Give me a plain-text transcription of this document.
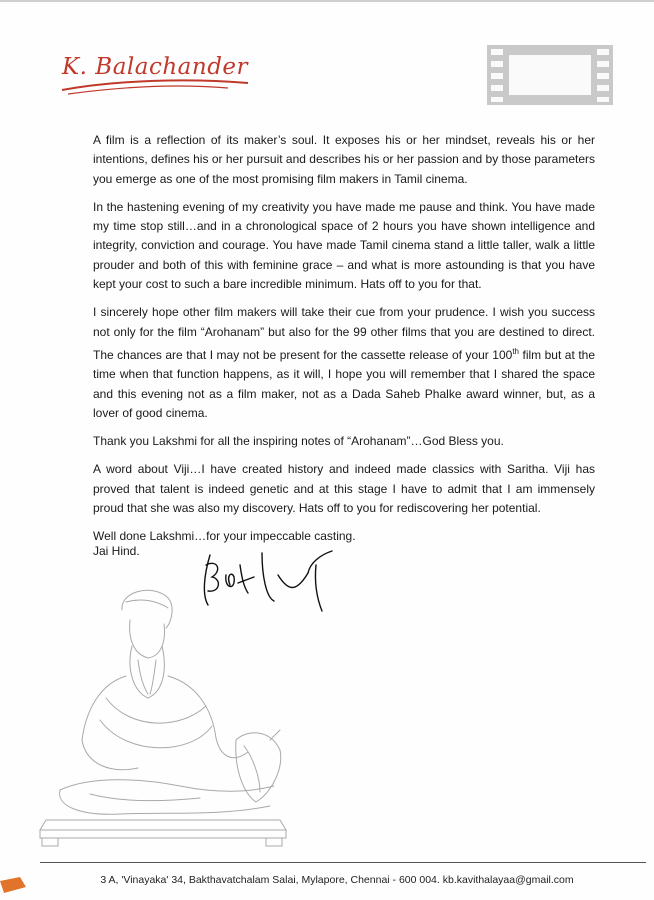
K. Balachander

A film is a reflection of its maker’s soul. It exposes his or her mindset, reveals his or her intentions, defines his or her pursuit and describes his or her passion and by those parameters you emerge as one of the most promising film makers in Tamil cinema.

In the hastening evening of my creativity you have made me pause and think. You have made my time stop still…and in a chronological space of 2 hours you have shown intelligence and integrity, conviction and courage. You have made Tamil cinema stand a little taller, walk a little prouder and both of this with feminine grace – and what is more astounding is that you have kept your cost to such a bare incredible minimum. Hats off to you for that.

I sincerely hope other film makers will take their cue from your prudence. I wish you success not only for the film “Arohanam” but also for the 99 other films that you are destined to direct. The chances are that I may not be present for the cassette release of your 100th film but at the time when that function happens, as it will, I hope you will remember that I shared the space and this evening not as a film maker, not as a Dada Saheb Phalke award winner, but, as a lover of good cinema.

Thank you Lakshmi for all the inspiring notes of “Arohanam”…God Bless you.

A word about Viji…I have created history and indeed made classics with Saritha. Viji has proved that talent is indeed genetic and at this stage I have to admit that I am immensely proud that she was also my discovery. Hats off to you for rediscovering her potential.

Well done Lakshmi…for your impeccable casting.

Jai Hind.
3 A, 'Vinayaka' 34, Bakthavatchalam Salai, Mylapore, Chennai - 600 004. kb.kavithalayaa@gmail.com
